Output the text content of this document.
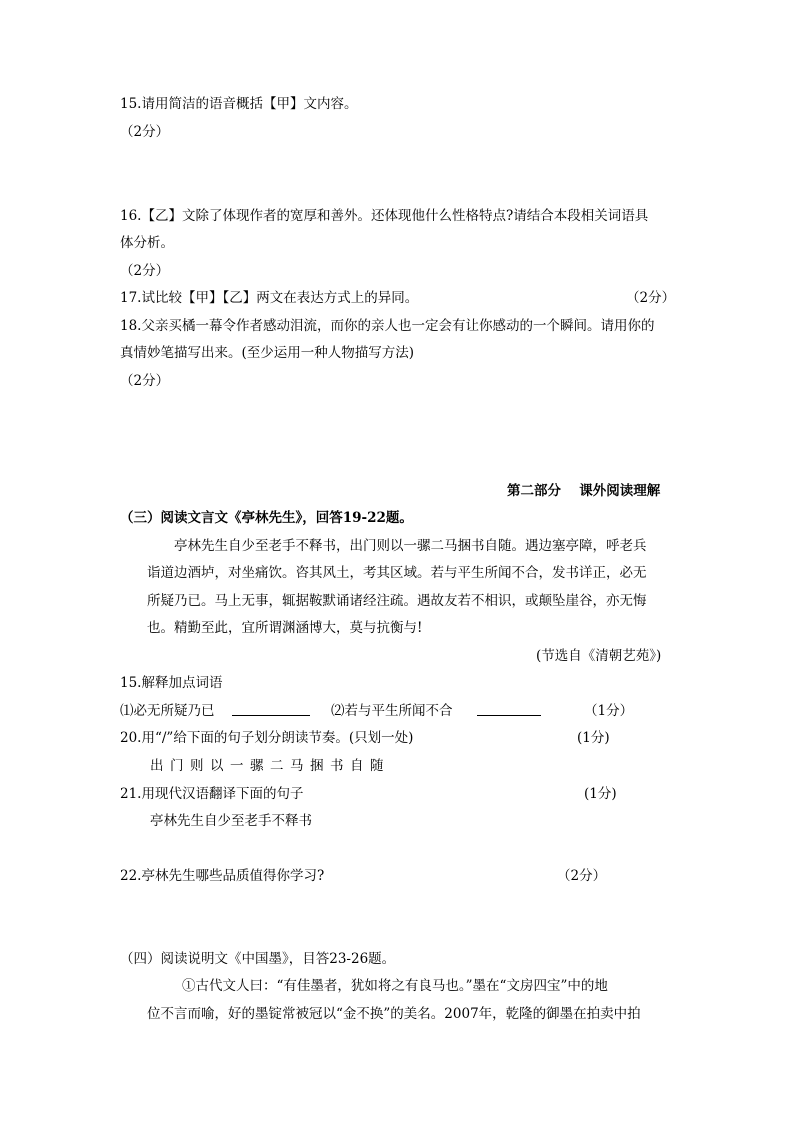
15.请用简洁的语音概括【甲】文内容。
（2分）
16.【乙】文除了体现作者的宽厚和善外。还体现他什么性格特点?请结合本段相关词语具
体分析。
（2分）
17.试比较【甲】【乙】两文在表达方式上的异同。	（2分）
18.父亲买橘一幕令作者感动泪流，而你的亲人也一定会有让你感动的一个瞬间。请用你的
真情妙笔描写出来。(至少运用一种人物描写方法)
（2分）
第二部分　 课外阅读理解
（三）阅读文言文《亭林先生》，回答19-22题。
亭林先生自少至老手不释书，出门则以一骡二马捆书自随。遇边塞亭障，呼老兵
诣道边酒垆，对坐痛饮。咨其风土，考其区域。若与平生所闻不合，发书详正，必无
所疑乃已。马上无事，辄据鞍默诵诸经注疏。遇故友若不相识，或颠坠崖谷，亦无悔
也。精勤至此，宜所谓渊涵博大，莫与抗衡与!
(节选自《清朝艺苑》)
15.解释加点词语
⑴必无所疑乃已	⑵若与平生所闻不合	（1分）
20.用“/”给下面的句子划分朗读节奏。(只划一处)	(1分)
出门则以一骡二马捆书自随
21.用现代汉语翻译下面的句子	(1分)
亭林先生自少至老手不释书
22.亭林先生哪些品质值得你学习?	（2分）
（四）阅读说明文《中国墨》，目答23-26题。
①古代文人曰：“有佳墨者，犹如将之有良马也。”墨在“文房四宝”中的地
位不言而喻，好的墨锭常被冠以“金不换”的美名。2007年，乾隆的御墨在拍卖中拍
